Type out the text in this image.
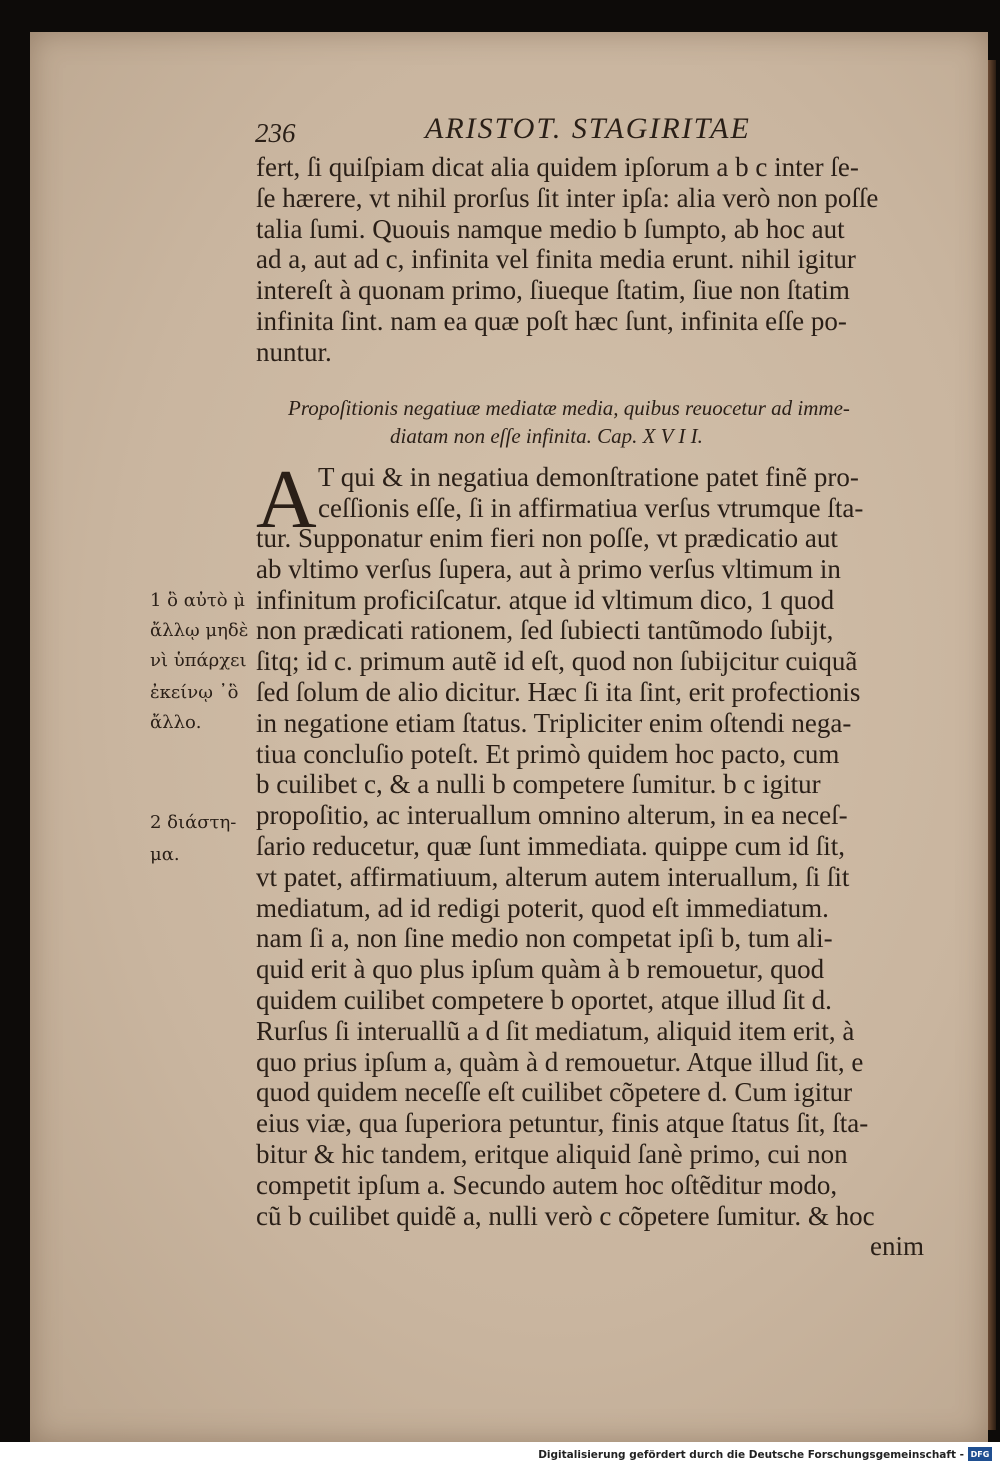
236	ARISTOT. STAGIRITAE
fert, ſi quiſpiam dicat alia quidem ipſorum a b c inter ſe-
ſe hærere, vt nihil prorſus ſit inter ipſa: alia verò non poſſe
talia ſumi. Quouis namque medio b ſumpto, ab hoc aut
ad a, aut ad c, infinita vel finita media erunt. nihil igitur
intereſt à quonam primo, ſiueque ſtatim, ſiue non ſtatim
infinita ſint. nam ea quæ poſt hæc ſunt, infinita eſſe po-
nuntur.
Propoſitionis negatiuæ mediatæ media, quibus reuocetur ad imme-
diatam non eſſe infinita. Cap. X V I I.
A T qui & in negatiua demonſtratione patet finẽ pro-
ceſſionis eſſe, ſi in affirmatiua verſus vtrumque ſta-
tur. Supponatur enim fieri non poſſe, vt prædicatio aut
ab vltimo verſus ſupera, aut à primo verſus vltimum in
infinitum proficiſcatur. atque id vltimum dico, 1 quod
non prædicati rationem, ſed ſubiecti tantũmodo ſubijt,
ſitq; id c. primum autẽ id eſt, quod non ſubijcitur cuiquã
ſed ſolum de alio dicitur. Hæc ſi ita ſint, erit profectionis
in negatione etiam ſtatus. Tripliciter enim oſtendi nega-
tiua concluſio poteſt. Et primò quidem hoc pacto, cum
b cuilibet c, & a nulli b competere ſumitur. b c igitur
propoſitio, ac interuallum omnino alterum, in ea neceſ-
ſario reducetur, quæ ſunt immediata. quippe cum id ſit,
vt patet, affirmatiuum, alterum autem interuallum, ſi ſit
mediatum, ad id redigi poterit, quod eſt immediatum.
nam ſi a, non ſine medio non competat ipſi b, tum ali-
quid erit à quo plus ipſum quàm à b remouetur, quod
quidem cuilibet competere b oportet, atque illud ſit d.
Rurſus ſi interuallũ a d ſit mediatum, aliquid item erit, à
quo prius ipſum a, quàm à d remouetur. Atque illud ſit, e
quod quidem neceſſe eſt cuilibet cõpetere d. Cum igitur
eius viæ, qua ſuperiora petuntur, finis atque ſtatus ſit, ſta-
bitur & hic tandem, eritque aliquid ſanè primo, cui non
competit ipſum a. Secundo autem hoc oſtẽditur modo,
cũ b cuilibet quidẽ a, nulli verò c cõpetere ſumitur. & hoc
enim
1 ὃ αὐτὸ μ̀
ἄλλῳ μηδὲ
νὶ ὑπάρχει
ἐκείνῳ ᾿ὃ
ἄλλο.
2 διάστη-
μα.
Digitalisierung gefördert durch die Deutsche Forschungsgemeinschaft - DFG
